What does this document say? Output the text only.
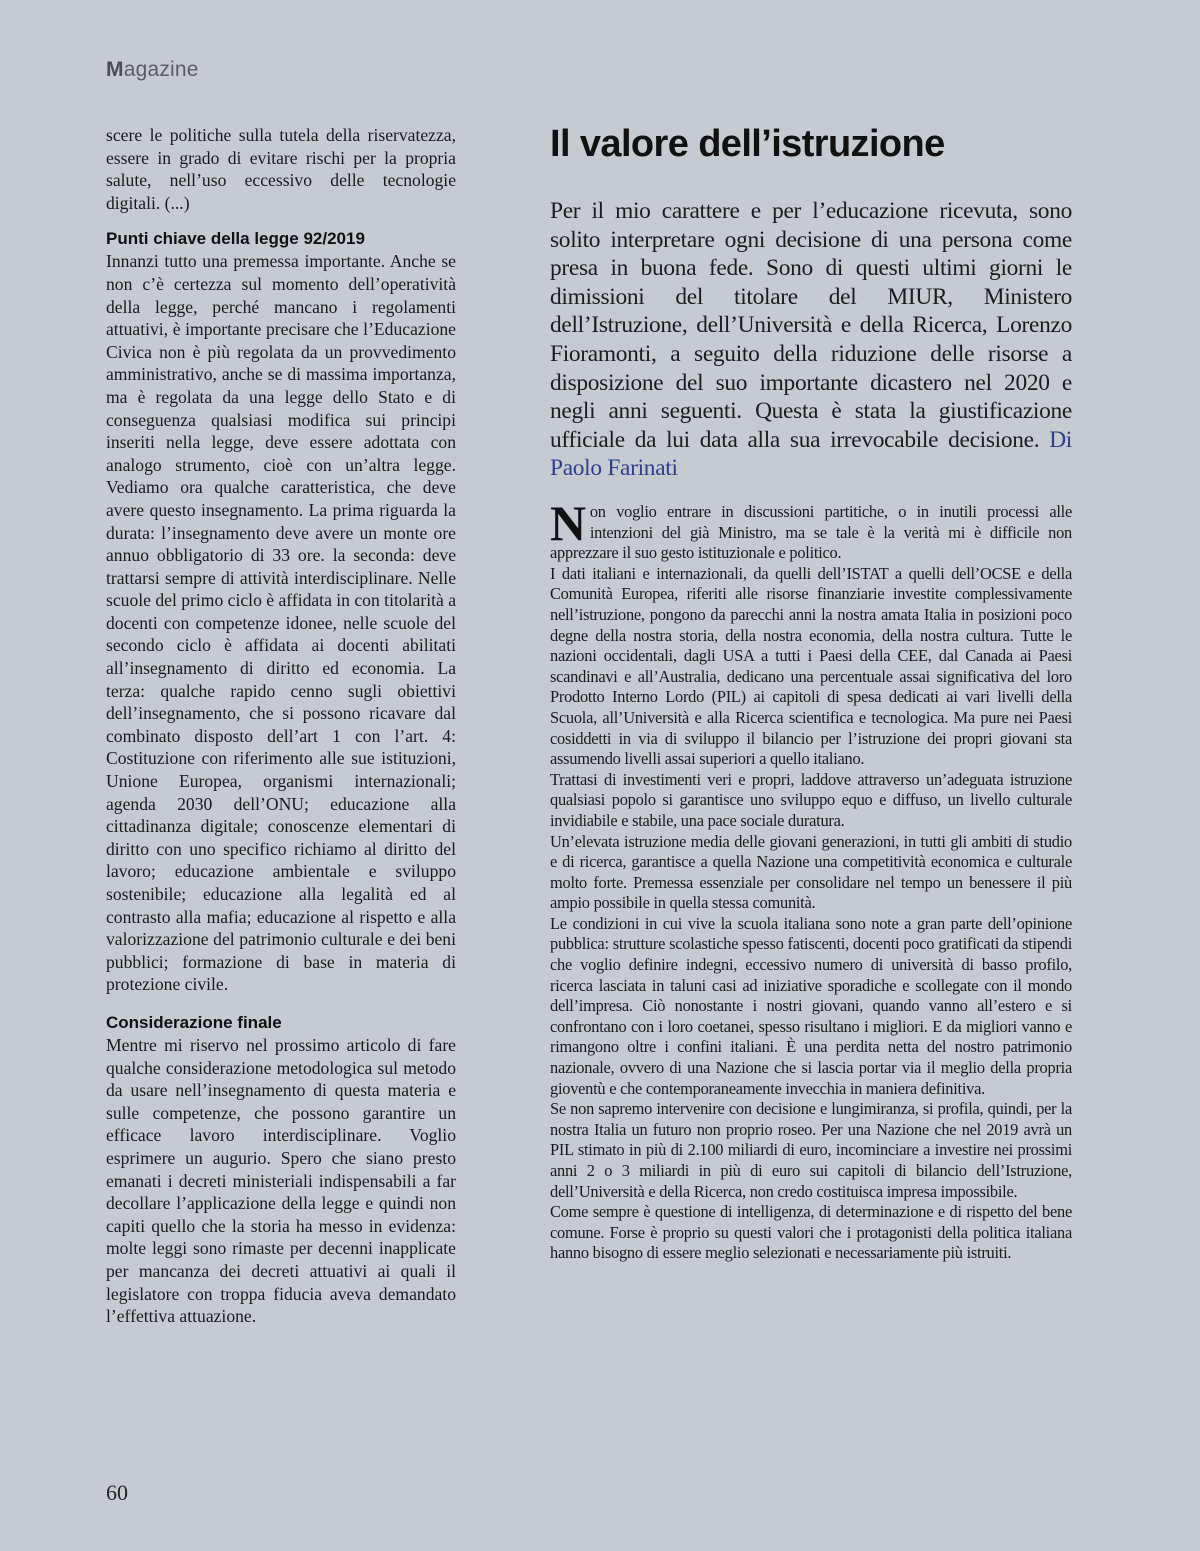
Magazine

scere le politiche sulla tutela della riservatezza, essere in grado di evitare rischi per la propria salute, nell’uso eccessivo delle tecnologie digitali. (...)

Punti chiave della legge 92/2019

Innanzi tutto una premessa importante. Anche se non c’è certezza sul momento dell’operatività della legge, perché mancano i regolamenti attuativi, è importante precisare che l’Educazione Civica non è più regolata da un provvedimento amministrativo, anche se di massima importanza, ma è regolata da una legge dello Stato e di conseguenza qualsiasi modifica sui principi inseriti nella legge, deve essere adottata con analogo strumento, cioè con un’altra legge. Vediamo ora qualche caratteristica, che deve avere questo insegnamento. La prima riguarda la durata: l’insegnamento deve avere un monte ore annuo obbligatorio di 33 ore. la seconda: deve trattarsi sempre di attività interdisciplinare. Nelle scuole del primo ciclo è affidata in con titolarità a docenti con competenze idonee, nelle scuole del secondo ciclo è affidata ai docenti abilitati all’insegnamento di diritto ed economia. La terza: qualche rapido cenno sugli obiettivi dell’insegnamento, che si possono ricavare dal combinato disposto dell’art 1 con l’art. 4: Costituzione con riferimento alle sue istituzioni, Unione Europea, organismi internazionali; agenda 2030 dell’ONU; educazione alla cittadinanza digitale; conoscenze elementari di diritto con uno specifico richiamo al diritto del lavoro; educazione ambientale e sviluppo sostenibile; educazione alla legalità ed al contrasto alla mafia; educazione al rispetto e alla valorizzazione del patrimonio culturale e dei beni pubblici; formazione di base in materia di protezione civile.

Considerazione finale

Mentre mi riservo nel prossimo articolo di fare qualche considerazione metodologica sul metodo da usare nell’insegnamento di questa materia e sulle competenze, che possono garantire un efficace lavoro interdisciplinare. Voglio esprimere un augurio. Spero che siano presto emanati i decreti ministeriali indispensabili a far decollare l’applicazione della legge e quindi non capiti quello che la storia ha messo in evidenza: molte leggi sono rimaste per decenni inapplicate per mancanza dei decreti attuativi ai quali il legislatore con troppa fiducia aveva demandato l’effettiva attuazione.

Il valore dell’istruzione

Per il mio carattere e per l’educazione ricevuta, sono solito interpretare ogni decisione di una persona come presa in buona fede. Sono di questi ultimi giorni le dimissioni del titolare del MIUR, Ministero dell’Istruzione, dell’Università e della Ricerca, Lorenzo Fioramonti, a seguito della riduzione delle risorse a disposizione del suo importante dicastero nel 2020 e negli anni seguenti. Questa è stata la giustificazione ufficiale da lui data alla sua irrevocabile decisione. Di Paolo Farinati

Non voglio entrare in discussioni partitiche, o in inutili processi alle intenzioni del già Ministro, ma se tale è la verità mi è difficile non apprezzare il suo gesto istituzionale e politico.

I dati italiani e internazionali, da quelli dell’ISTAT a quelli dell’OCSE e della Comunità Europea, riferiti alle risorse finanziarie investite complessivamente nell’istruzione, pongono da parecchi anni la nostra amata Italia in posizioni poco degne della nostra storia, della nostra economia, della nostra cultura. Tutte le nazioni occidentali, dagli USA a tutti i Paesi della CEE, dal Canada ai Paesi scandinavi e all’Australia, dedicano una percentuale assai significativa del loro Prodotto Interno Lordo (PIL) ai capitoli di spesa dedicati ai vari livelli della Scuola, all’Università e alla Ricerca scientifica e tecnologica. Ma pure nei Paesi cosiddetti in via di sviluppo il bilancio per l’istruzione dei propri giovani sta assumendo livelli assai superiori a quello italiano.

Trattasi di investimenti veri e propri, laddove attraverso un’adeguata istruzione qualsiasi popolo si garantisce uno sviluppo equo e diffuso, un livello culturale invidiabile e stabile, una pace sociale duratura.

Un’elevata istruzione media delle giovani generazioni, in tutti gli ambiti di studio e di ricerca, garantisce a quella Nazione una competitività economica e culturale molto forte. Premessa essenziale per consolidare nel tempo un benessere il più ampio possibile in quella stessa comunità.

Le condizioni in cui vive la scuola italiana sono note a gran parte dell’opinione pubblica: strutture scolastiche spesso fatiscenti, docenti poco gratificati da stipendi che voglio definire indegni, eccessivo numero di università di basso profilo, ricerca lasciata in taluni casi ad iniziative sporadiche e scollegate con il mondo dell’impresa. Ciò nonostante i nostri giovani, quando vanno all’estero e si confrontano con i loro coetanei, spesso risultano i migliori. E da migliori vanno e rimangono oltre i confini italiani. È una perdita netta del nostro patrimonio nazionale, ovvero di una Nazione che si lascia portar via il meglio della propria gioventù e che contemporaneamente invecchia in maniera definitiva.

Se non sapremo intervenire con decisione e lungimiranza, si profila, quindi, per la nostra Italia un futuro non proprio roseo. Per una Nazione che nel 2019 avrà un PIL stimato in più di 2.100 miliardi di euro, incominciare a investire nei prossimi anni 2 o 3 miliardi in più di euro sui capitoli di bilancio dell’Istruzione, dell’Università e della Ricerca, non credo costituisca impresa impossibile.

Come sempre è questione di intelligenza, di determinazione e di rispetto del bene comune. Forse è proprio su questi valori che i protagonisti della politica italiana hanno bisogno di essere meglio selezionati e necessariamente più istruiti.

60
